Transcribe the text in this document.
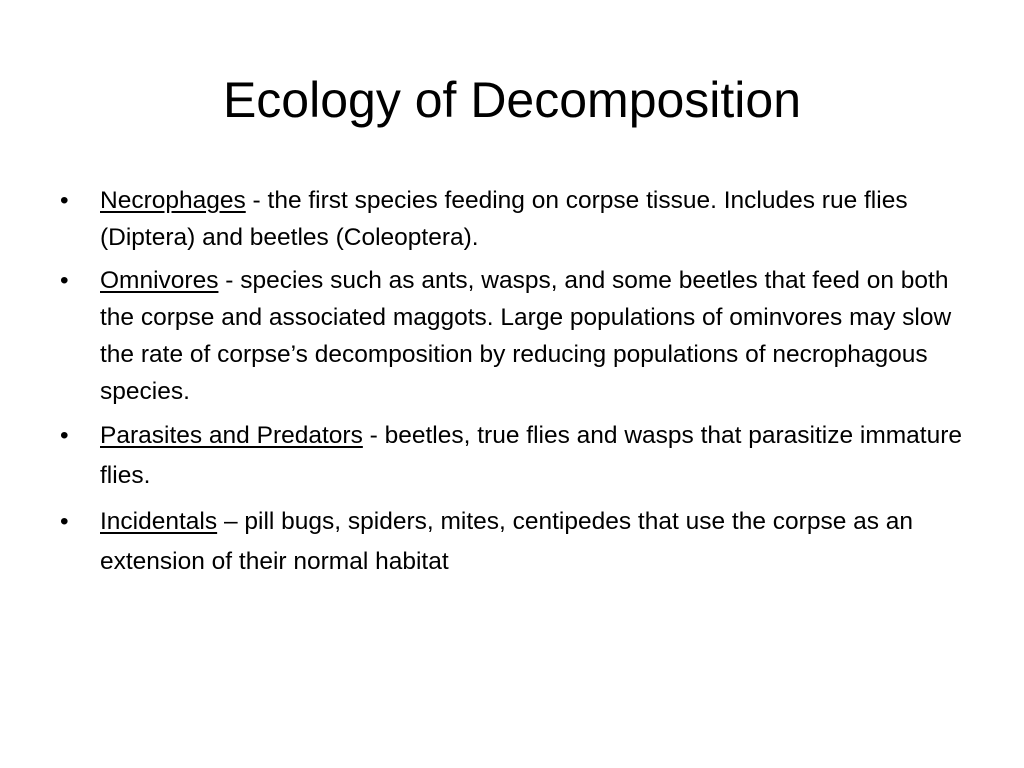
Ecology of Decomposition
•	Necrophages - the first species feeding on corpse tissue. Includes rue flies (Diptera) and beetles (Coleoptera).
•	Omnivores - species such as ants, wasps, and some beetles that feed on both the corpse and associated maggots. Large populations of ominvores may slow the rate of corpse’s decomposition by reducing populations of necrophagous species.
•	Parasites and Predators - beetles, true flies and wasps that parasitize immature flies.
•	Incidentals – pill bugs, spiders, mites, centipedes that use the corpse as an extension of their normal habitat
